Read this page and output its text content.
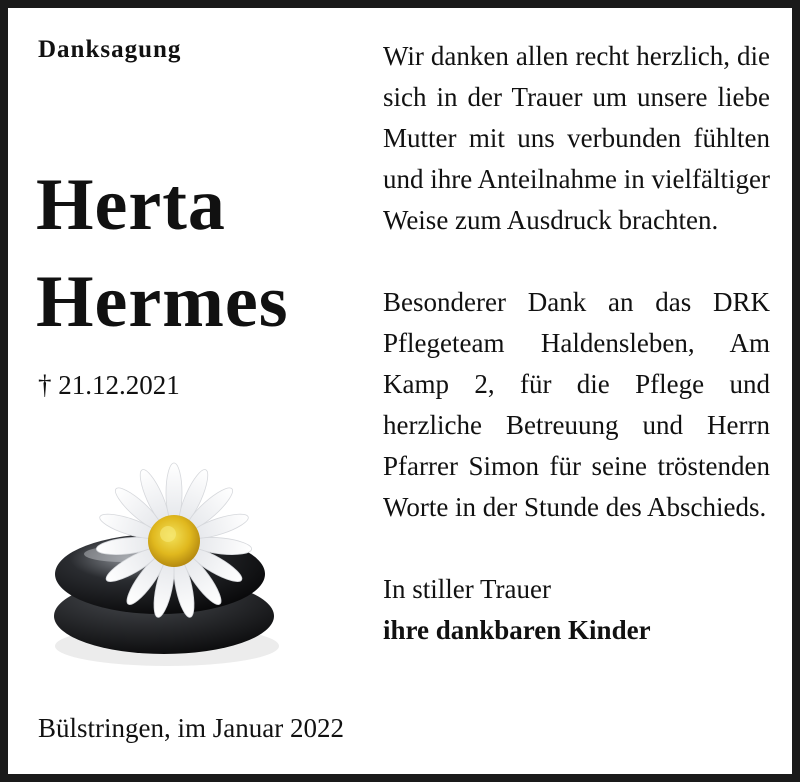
Danksagung
Herta
Hermes
† 21.12.2021

Wir danken allen recht herzlich, die sich in der Trauer um unsere liebe Mutter mit uns verbunden fühlten und ihre Anteilnahme in vielfältiger Weise zum Ausdruck brachten.

Besonderer Dank an das DRK Pflegeteam Haldensleben, Am Kamp 2, für die Pflege und herzliche Betreuung und Herrn Pfarrer Simon für seine tröstenden Worte in der Stunde des Abschieds.

In stiller Trauer
ihre dankbaren Kinder
Bülstringen, im Januar 2022
